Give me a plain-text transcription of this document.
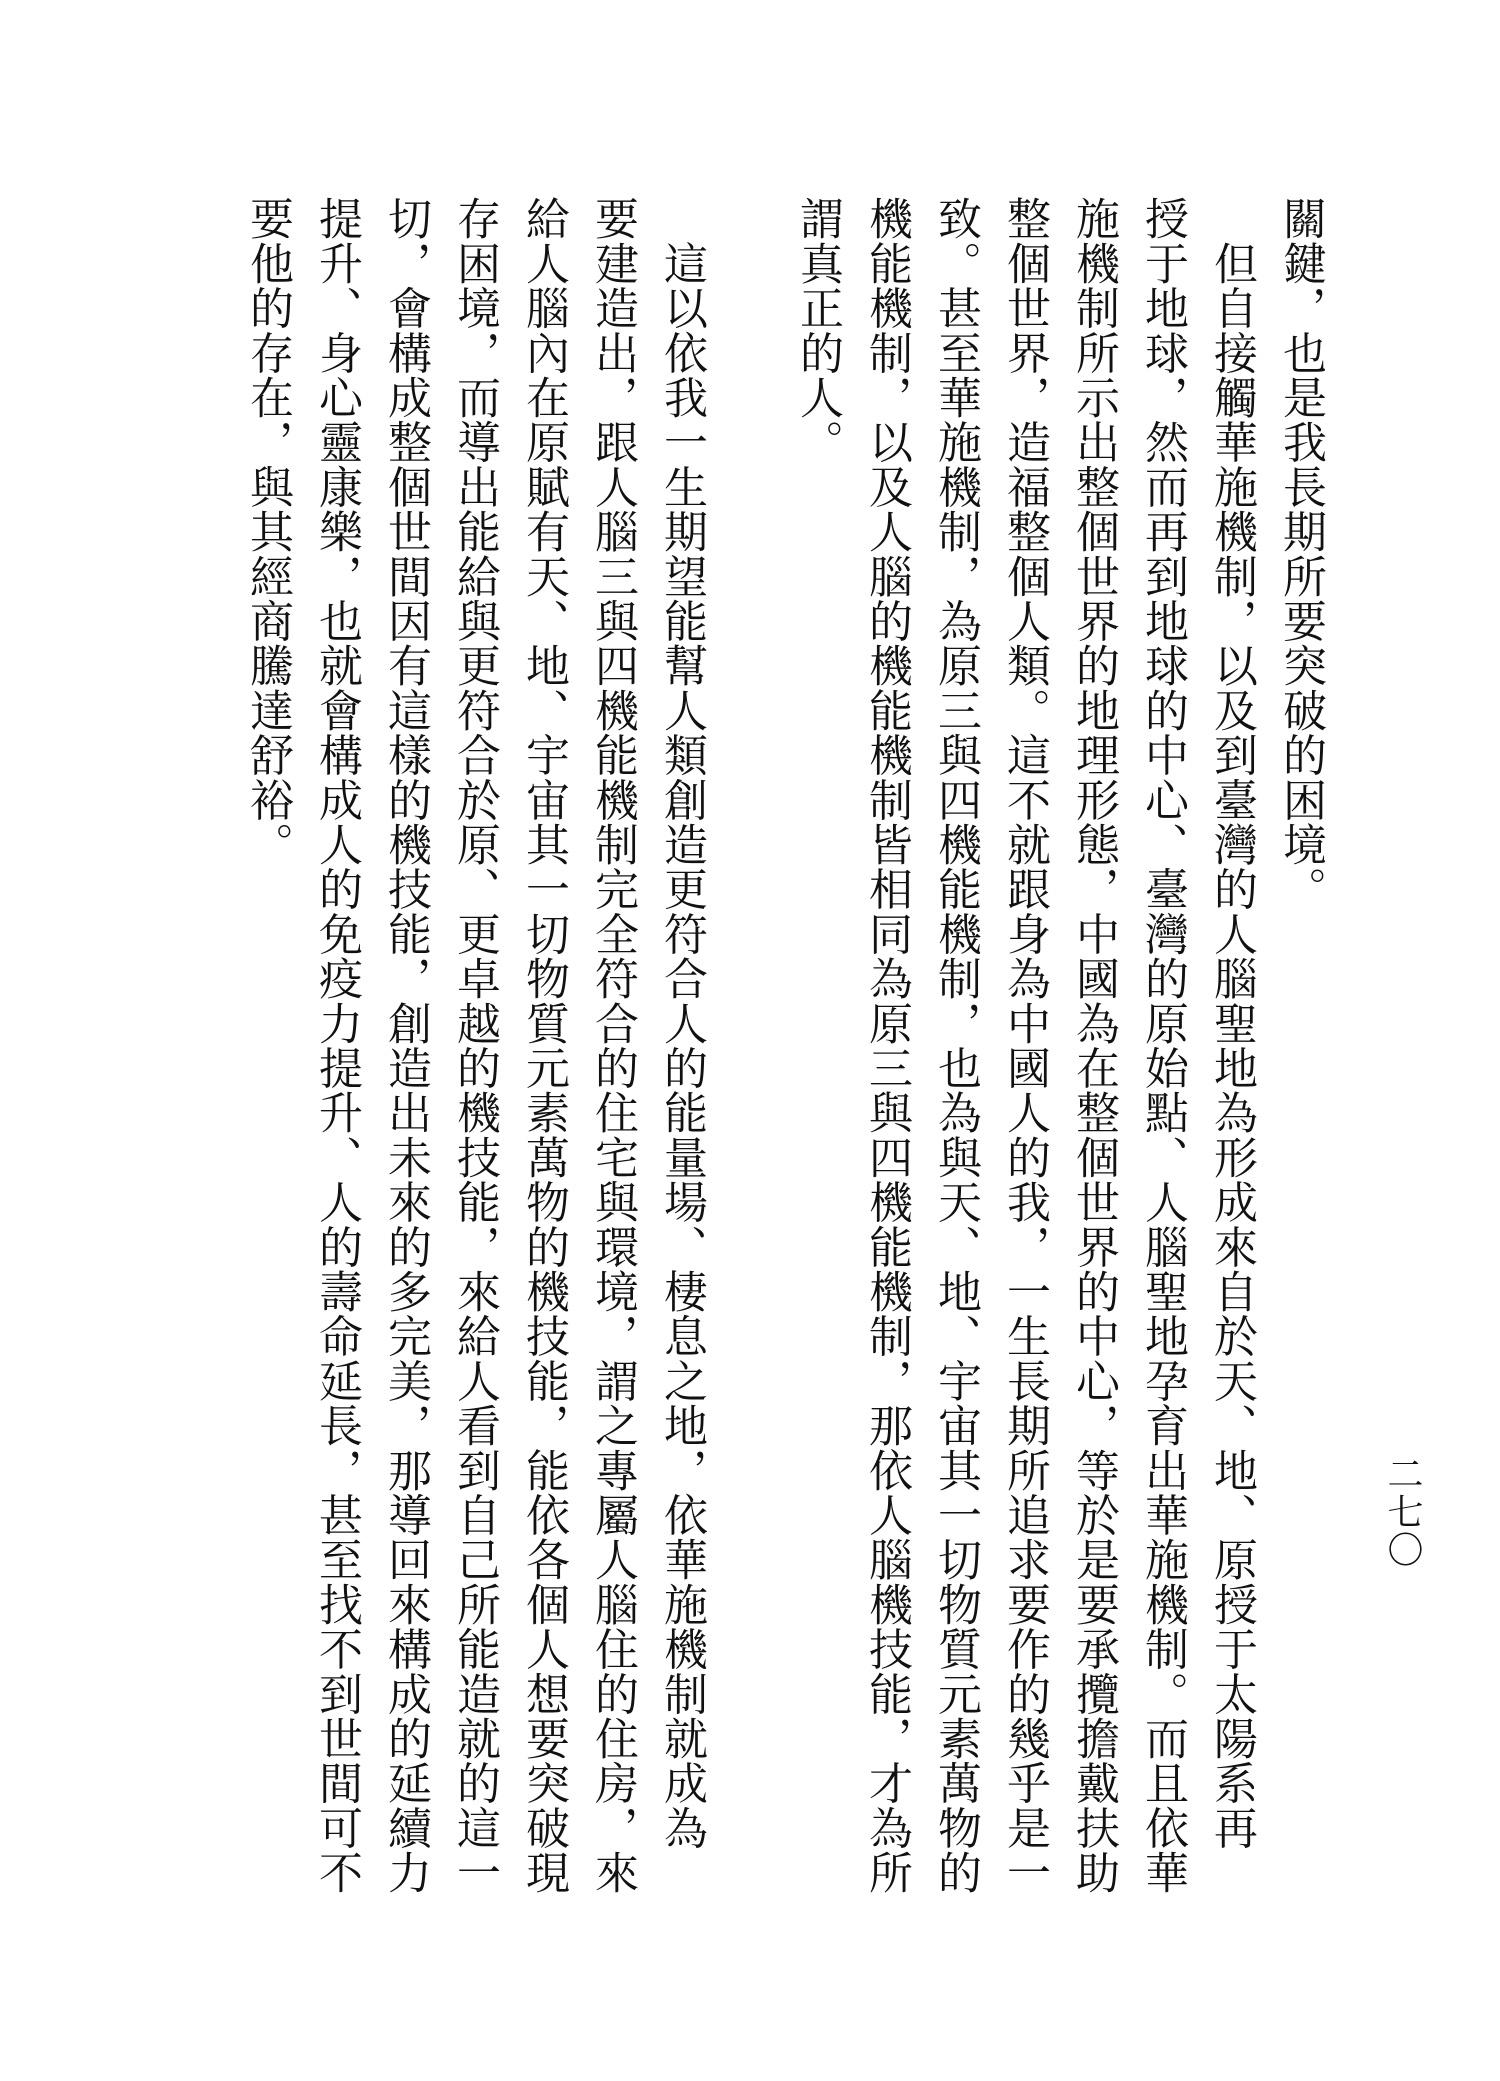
二七〇
關鍵，也是我長期所要突破的困境。
　但自接觸華施機制，以及到臺灣的人腦聖地為形成來自於天、地、原授于太陽系再
授于地球，然而再到地球的中心、臺灣的原始點、人腦聖地孕育出華施機制。而且依華
施機制所示出整個世界的地理形態，中國為在整個世界的中心，等於是要承攬擔戴扶助
整個世界，造福整個人類。這不就跟身為中國人的我，一生長期所追求要作的幾乎是一
致。甚至華施機制，為原三與四機能機制，也為與天、地、宇宙其一切物質元素萬物的
機能機制，以及人腦的機能機制皆相同為原三與四機能機制，那依人腦機技能，才為所
謂真正的人。
　這以依我一生期望能幫人類創造更符合人的能量場、棲息之地，依華施機制就成為
要建造出，跟人腦三與四機能機制完全符合的住宅與環境，謂之專屬人腦住的住房，來
給人腦內在原賦有天、地、宇宙其一切物質元素萬物的機技能，能依各個人想要突破現
存困境，而導出能給與更符合於原、更卓越的機技能，來給人看到自己所能造就的這一
切，會構成整個世間因有這樣的機技能，創造出未來的多完美，那導回來構成的延續力
提升、身心靈康樂，也就會構成人的免疫力提升、人的壽命延長，甚至找不到世間可不
要他的存在，與其經商騰達舒裕。
